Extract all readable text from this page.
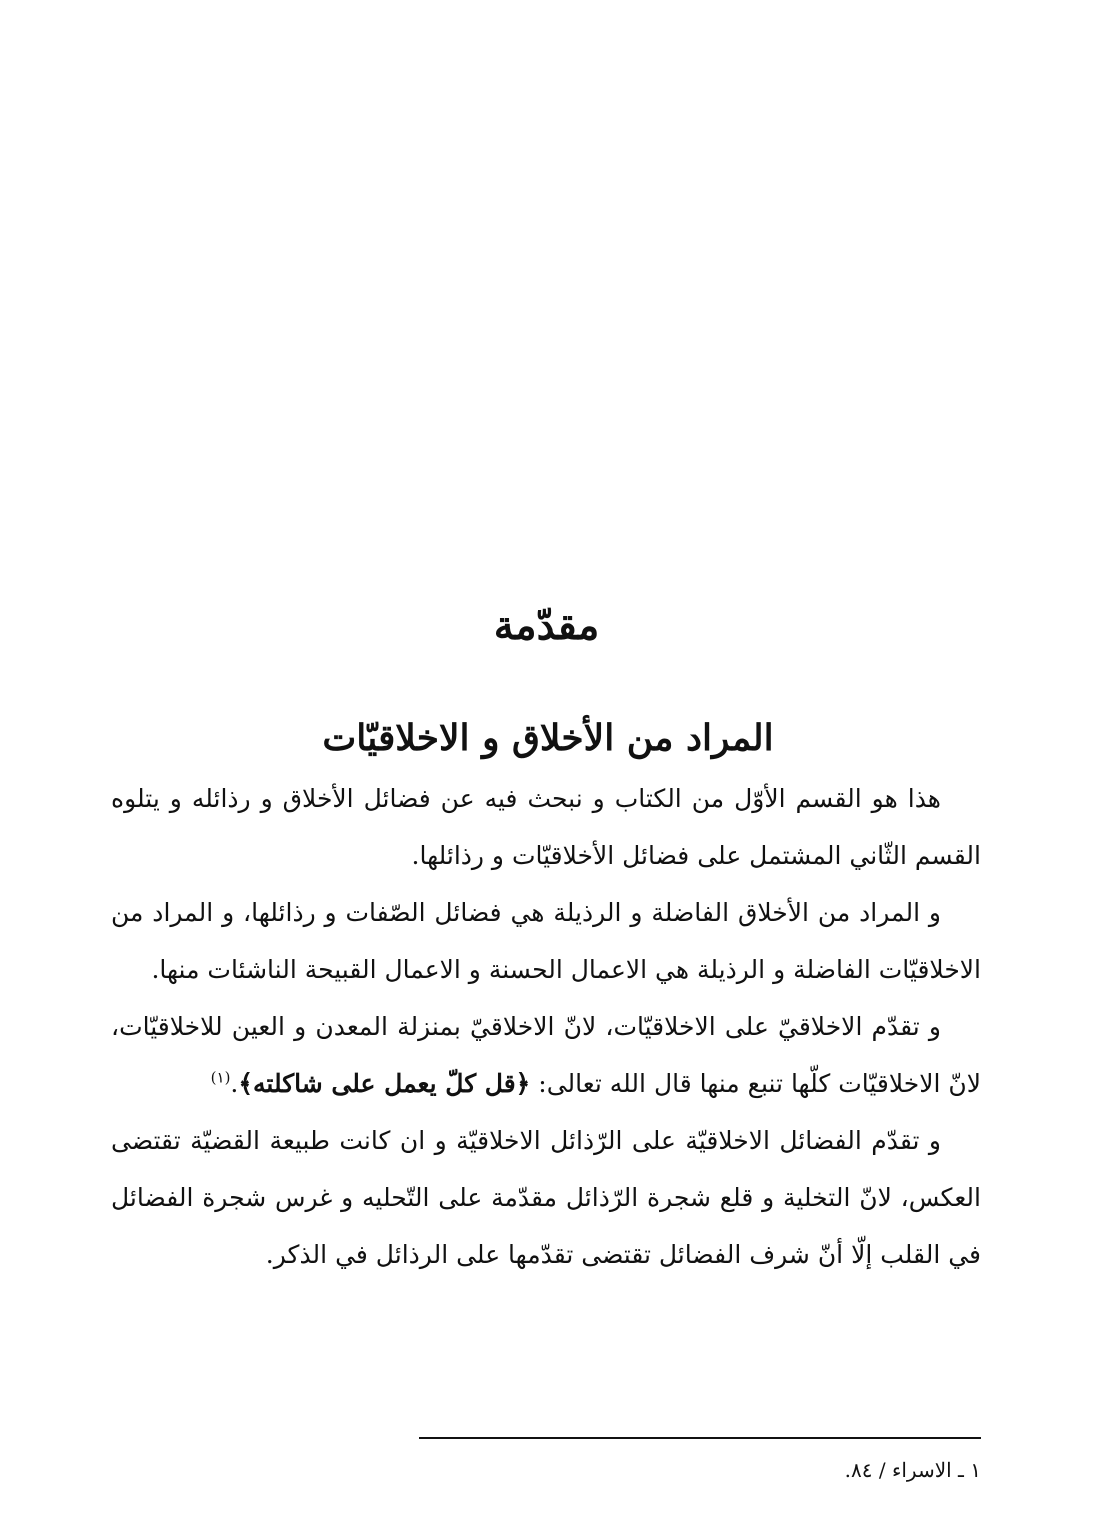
مقدّمة
المراد من الأخلاق و الاخلاقيّات

هذا هو القسم الأوّل من الكتاب و نبحث فيه عن فضائل الأخلاق و رذائله و يتلوه القسم الثّاني المشتمل على فضائل الأخلاقيّات و رذائلها.

و المراد من الأخلاق الفاضلة و الرذيلة هي فضائل الصّفات و رذائلها، و المراد من الاخلاقيّات الفاضلة و الرذيلة هي الاعمال الحسنة و الاعمال القبيحة الناشئات منها.

و تقدّم الاخلاقيّ على الاخلاقيّات، لانّ الاخلاقيّ بمنزلة المعدن و العين للاخلاقيّات، لانّ الاخلاقيّات كلّها تنبع منها قال الله تعالى: ﴿قل كلّ يعمل على شاكلته﴾.$^{(١)}$

و تقدّم الفضائل الاخلاقيّة على الرّذائل الاخلاقيّة و ان كانت طبيعة القضيّة تقتضى العكس، لانّ التخلية و قلع شجرة الرّذائل مقدّمة على التّحليه و غرس شجرة الفضائل في القلب إلّا أنّ شرف الفضائل تقتضى تقدّمها على الرذائل في الذكر.

١ ـ الاسراء / ٨٤.
